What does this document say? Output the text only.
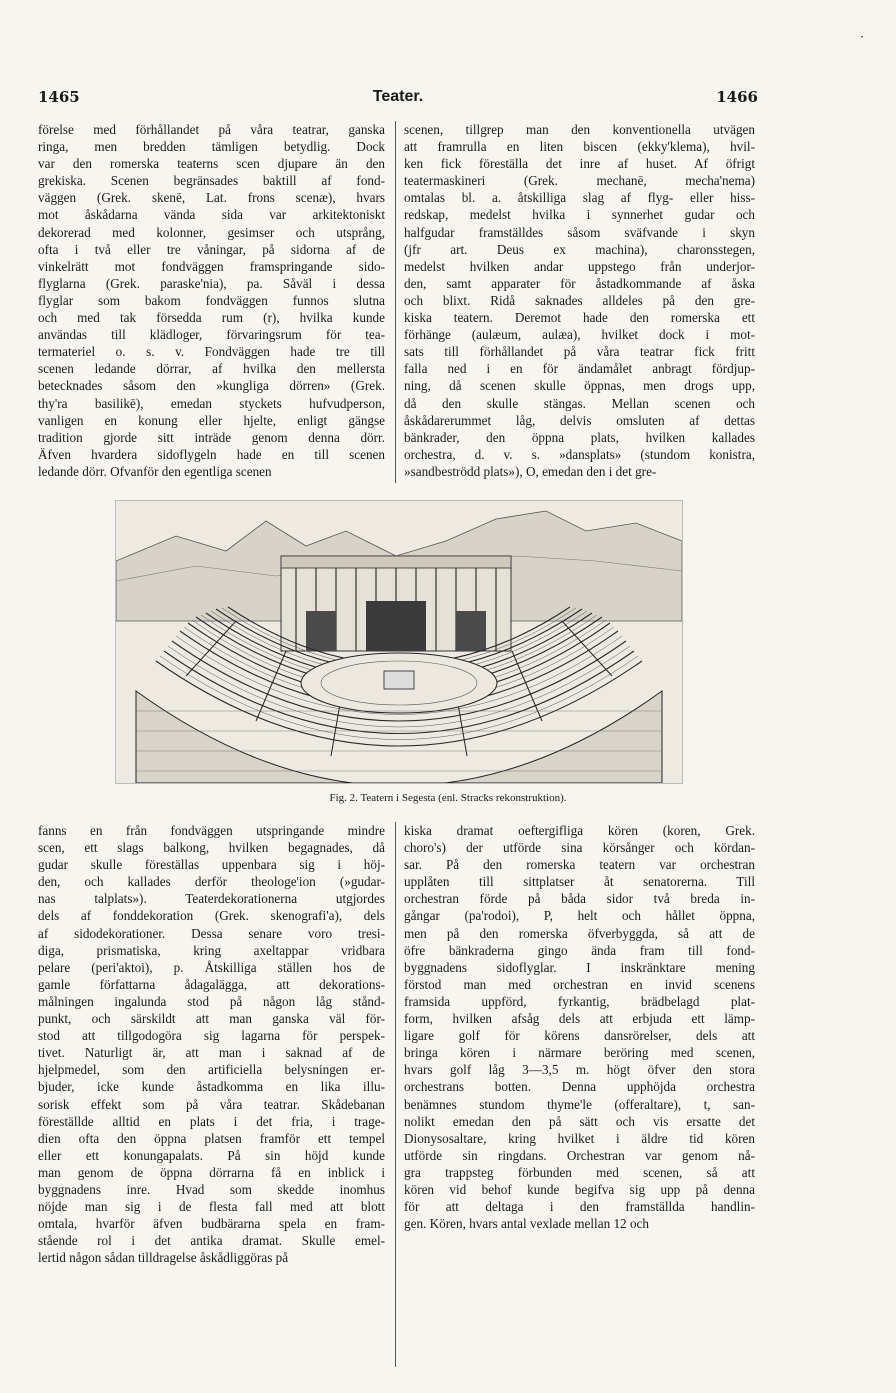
·
1465	Teater.	1466
förelse med förhållandet på våra teatrar, ganska
ringa, men bredden tämligen betydlig. Dock
var den romerska teaterns scen djupare än den
grekiska. Scenen begränsades baktill af fond-
väggen (Grek. skenē, Lat. frons scenæ), hvars
mot åskådarna vända sida var arkitektoniskt
dekorerad med kolonner, gesimser och utsprång,
ofta i två eller tre våningar, på sidorna af de
vinkelrätt mot fondväggen framspringande sido-
flyglarna (Grek. paraske'nia), pa. Såväl i dessa
flyglar som bakom fondväggen funnos slutna
och med tak försedda rum (r), hvilka kunde
användas till klädloger, förvaringsrum för tea-
termateriel o. s. v. Fondväggen hade tre till
scenen ledande dörrar, af hvilka den mellersta
betecknades såsom den »kungliga dörren» (Grek.
thy'ra basilikē), emedan styckets hufvudperson,
vanligen en konung eller hjelte, enligt gängse
tradition gjorde sitt inträde genom denna dörr.
Äfven hvardera sidoflygeln hade en till scenen
ledande dörr. Ofvanför den egentliga scenen
scenen, tillgrep man den konventionella utvägen
att framrulla en liten biscen (ekky'klema), hvil-
ken fick föreställa det inre af huset. Af öfrigt
teatermaskineri (Grek. mechanē, mecha'nema)
omtalas bl. a. åtskilliga slag af flyg- eller hiss-
redskap, medelst hvilka i synnerhet gudar och
halfgudar framställdes såsom sväfvande i skyn
(jfr art. Deus ex machina), charonsstegen,
medelst hvilken andar uppstego från underjor-
den, samt apparater för åstadkommande af åska
och blixt. Ridå saknades alldeles på den gre-
kiska teatern. Deremot hade den romerska ett
förhänge (aulæum, aulæa), hvilket dock i mot-
sats till förhållandet på våra teatrar fick fritt
falla ned i en för ändamålet anbragt fördjup-
ning, då scenen skulle öppnas, men drogs upp,
då den skulle stängas. Mellan scenen och
åskådarerummet låg, delvis omsluten af dettas
bänkrader, den öppna plats, hvilken kallades
orchestra, d. v. s. »dansplats» (stundom konistra,
»sandbeströdd plats»), O, emedan den i det gre-
Fig. 2. Teatern i Segesta (enl. Stracks rekonstruktion).
fanns en från fondväggen utspringande mindre
scen, ett slags balkong, hvilken begagnades, då
gudar skulle föreställas uppenbara sig i höj-
den, och kallades derför theologe'ion (»gudar-
nas talplats»). Teaterdekorationerna utgjordes
dels af fonddekoration (Grek. skenografi'a), dels
af sidodekorationer. Dessa senare voro tresi-
diga, prismatiska, kring axeltappar vridbara
pelare (peri'aktoi), p. Åtskilliga ställen hos de
gamle författarna ådagalägga, att dekorations-
målningen ingalunda stod på någon låg stånd-
punkt, och särskildt att man ganska väl för-
stod att tillgodogöra sig lagarna för perspek-
tivet. Naturligt är, att man i saknad af de
hjelpmedel, som den artificiella belysningen er-
bjuder, icke kunde åstadkomma en lika illu-
sorisk effekt som på våra teatrar. Skådebanan
föreställde alltid en plats i det fria, i trage-
dien ofta den öppna platsen framför ett tempel
eller ett konungapalats. På sin höjd kunde
man genom de öppna dörrarna få en inblick i
byggnadens inre. Hvad som skedde inomhus
nöjde man sig i de flesta fall med att blott
omtala, hvarför äfven budbärarna spela en fram-
stående rol i det antika dramat. Skulle emel-
lertid någon sådan tilldragelse åskådliggöras på
kiska dramat oeftergifliga kören (koren, Grek.
choro's) der utförde sina körsånger och kördan-
sar. På den romerska teatern var orchestran
upplåten till sittplatser åt senatorerna. Till
orchestran förde på båda sidor två breda in-
gångar (pa'rodoi), P, helt och hållet öppna,
men på den romerska öfverbyggda, så att de
öfre bänkraderna gingo ända fram till fond-
byggnadens sidoflyglar. I inskränktare mening
förstod man med orchestran en invid scenens
framsida uppförd, fyrkantig, brädbelagd plat-
form, hvilken afsåg dels att erbjuda ett lämp-
ligare golf för körens dansrörelser, dels att
bringa kören i närmare beröring med scenen,
hvars golf låg 3—3,5 m. högt öfver den stora
orchestrans botten. Denna upphöjda orchestra
benämnes stundom thyme'le (offeraltare), t, san-
nolikt emedan den på sätt och vis ersatte det
Dionysosaltare, kring hvilket i äldre tid kören
utförde sin ringdans. Orchestran var genom nå-
gra trappsteg förbunden med scenen, så att
kören vid behof kunde begifva sig upp på denna
för att deltaga i den framställda handlin-
gen. Kören, hvars antal vexlade mellan 12 och
